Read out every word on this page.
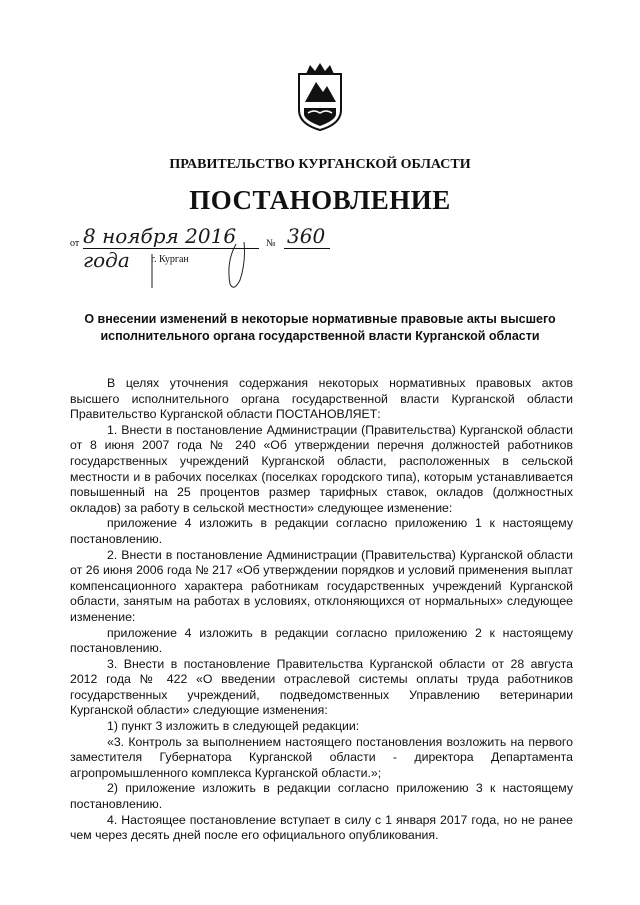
ПРАВИТЕЛЬСТВО КУРГАНСКОЙ ОБЛАСТИ
ПОСТАНОВЛЕНИЕ
от 8 ноября 2016 года
№ 360
г. Курган
О внесении изменений в некоторые нормативные правовые акты высшего исполнительного органа государственной власти Курганской области

В целях уточнения содержания некоторых нормативных правовых актов высшего исполнительного органа государственной власти Курганской области Правительство Курганской области ПОСТАНОВЛЯЕТ:

1. Внести в постановление Администрации (Правительства) Курганской области от 8 июня 2007 года № 240 «Об утверждении перечня должностей работников государственных учреждений Курганской области, расположенных в сельской местности и в рабочих поселках (поселках городского типа), которым устанавливается повышенный на 25 процентов размер тарифных ставок, окладов (должностных окладов) за работу в сельской местности» следующее изменение:

приложение 4 изложить в редакции согласно приложению 1 к настоящему постановлению.

2. Внести в постановление Администрации (Правительства) Курганской области от 26 июня 2006 года № 217 «Об утверждении порядков и условий применения выплат компенсационного характера работникам государственных учреждений Курганской области, занятым на работах в условиях, отклоняющихся от нормальных» следующее изменение:

приложение 4 изложить в редакции согласно приложению 2 к настоящему постановлению.

3. Внести в постановление Правительства Курганской области от 28 августа 2012 года № 422 «О введении отраслевой системы оплаты труда работников государственных учреждений, подведомственных Управлению ветеринарии Курганской области» следующие изменения:

1) пункт 3 изложить в следующей редакции:

«3. Контроль за выполнением настоящего постановления возложить на первого заместителя Губернатора Курганской области - директора Департамента агропромышленного комплекса Курганской области.»;

2) приложение изложить в редакции согласно приложению 3 к настоящему постановлению.

4. Настоящее постановление вступает в силу с 1 января 2017 года, но не ранее чем через десять дней после его официального опубликования.
